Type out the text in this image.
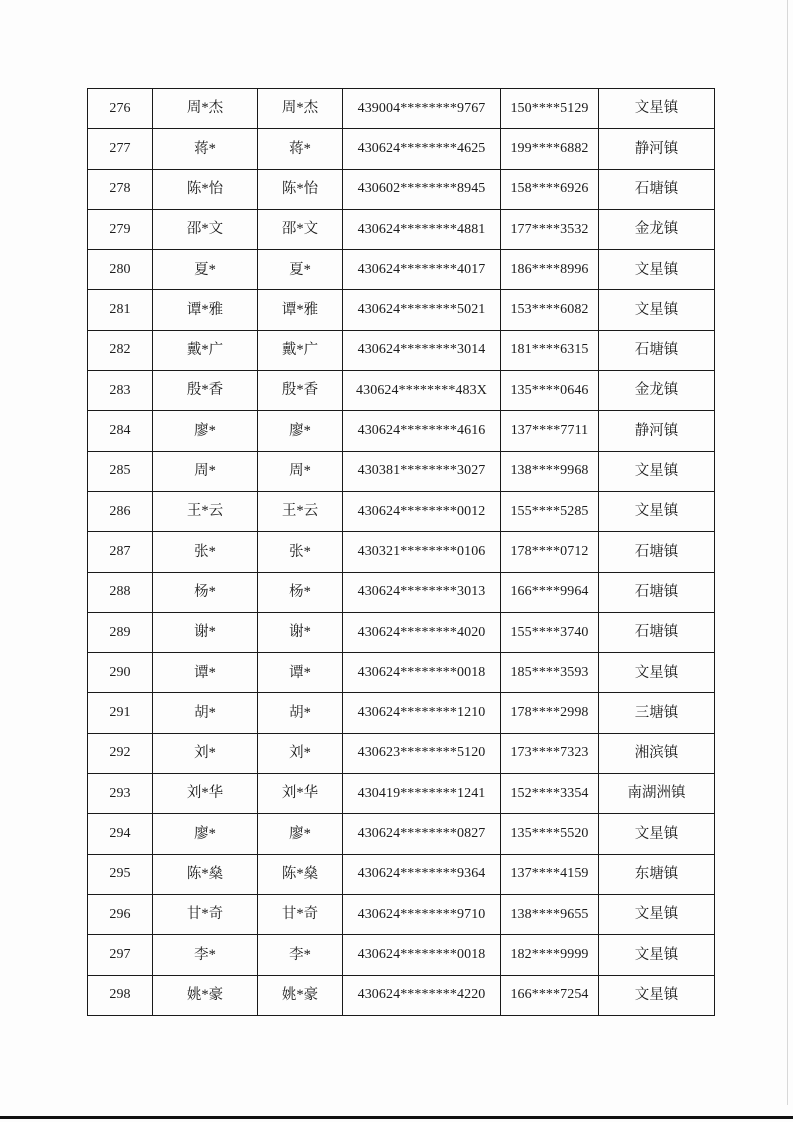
276	周*杰	周*杰	439004********9767	150****5129	文星镇
277	蒋*	蒋*	430624********4625	199****6882	静河镇
278	陈*怡	陈*怡	430602********8945	158****6926	石塘镇
279	邵*文	邵*文	430624********4881	177****3532	金龙镇
280	夏*	夏*	430624********4017	186****8996	文星镇
281	谭*雅	谭*雅	430624********5021	153****6082	文星镇
282	戴*广	戴*广	430624********3014	181****6315	石塘镇
283	殷*香	殷*香	430624********483X	135****0646	金龙镇
284	廖*	廖*	430624********4616	137****7711	静河镇
285	周*	周*	430381********3027	138****9968	文星镇
286	王*云	王*云	430624********0012	155****5285	文星镇
287	张*	张*	430321********0106	178****0712	石塘镇
288	杨*	杨*	430624********3013	166****9964	石塘镇
289	谢*	谢*	430624********4020	155****3740	石塘镇
290	谭*	谭*	430624********0018	185****3593	文星镇
291	胡*	胡*	430624********1210	178****2998	三塘镇
292	刘*	刘*	430623********5120	173****7323	湘滨镇
293	刘*华	刘*华	430419********1241	152****3354	南湖洲镇
294	廖*	廖*	430624********0827	135****5520	文星镇
295	陈*燊	陈*燊	430624********9364	137****4159	东塘镇
296	甘*奇	甘*奇	430624********9710	138****9655	文星镇
297	李*	李*	430624********0018	182****9999	文星镇
298	姚*豪	姚*豪	430624********4220	166****7254	文星镇
